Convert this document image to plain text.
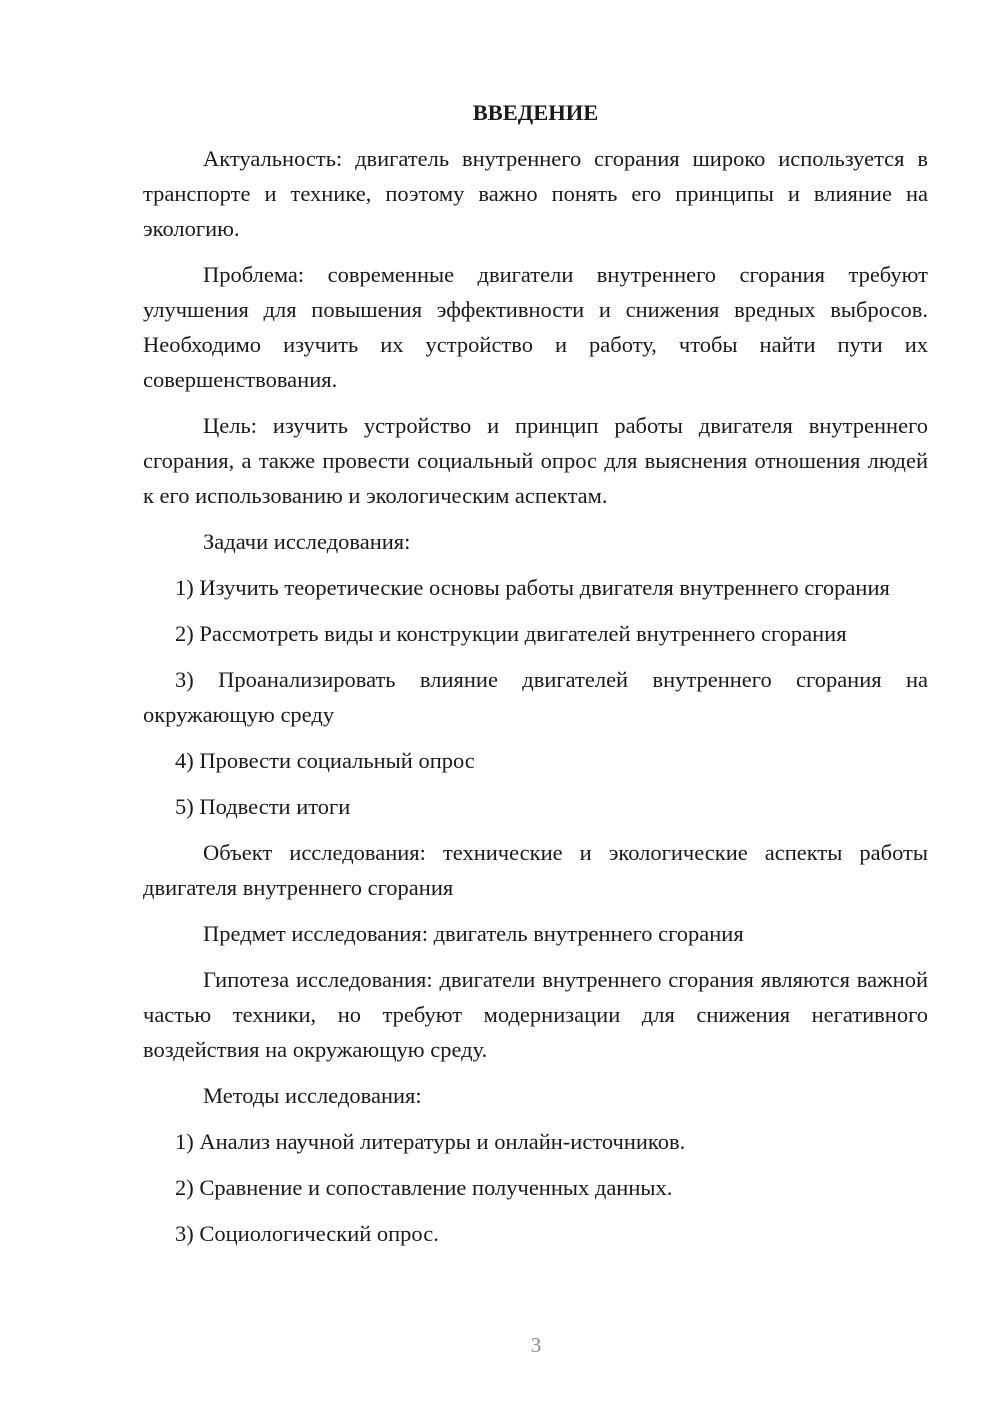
ВВЕДЕНИЕ

Актуальность: двигатель внутреннего сгорания широко используется в транспорте и технике, поэтому важно понять его принципы и влияние на экологию.

Проблема: современные двигатели внутреннего сгорания требуют улучшения для повышения эффективности и снижения вредных выбросов. Необходимо изучить их устройство и работу, чтобы найти пути их совершенствования.

Цель: изучить устройство и принцип работы двигателя внутреннего сгорания, а также провести социальный опрос для выяснения отношения людей к его использованию и экологическим аспектам.

Задачи исследования:

1) Изучить теоретические основы работы двигателя внутреннего сгорания

2) Рассмотреть виды и конструкции двигателей внутреннего сгорания

3) Проанализировать влияние двигателей внутреннего сгорания на окружающую среду

4) Провести социальный опрос

5) Подвести итоги

Объект исследования: технические и экологические аспекты работы двигателя внутреннего сгорания

Предмет исследования: двигатель внутреннего сгорания

Гипотеза исследования: двигатели внутреннего сгорания являются важной частью техники, но требуют модернизации для снижения негативного воздействия на окружающую среду.

Методы исследования:

1) Анализ научной литературы и онлайн-источников.

2) Сравнение и сопоставление полученных данных.

3) Социологический опрос.

3
